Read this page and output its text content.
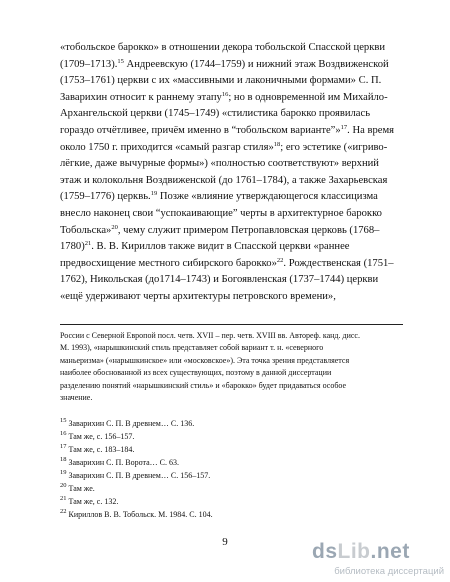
«тобольское барокко» в отношении декора тобольской Спасской церкви

(1709–1713).$^{15}$ Андреевскую (1744–1759) и нижний этаж Воздвиженской

(1753–1761) церкви с их «массивными и лаконичными формами» С. П.

Заварихин относит к раннему этапу$^{16}$; но в одновременной им Михайло-

Архангельской церкви (1745–1749) «стилистика барокко проявилась

гораздо отчётливее, причём именно в “тобольском варианте”»$^{17}$. На время

около 1750 г. приходится «самый разгар стиля»$^{18}$; его эстетике («игриво-

лёгкие, даже вычурные формы») «полностью соответствуют» верхний

этаж и колокольня Воздвиженской (до 1761–1784), а также Захарьевская

(1759–1776) церквь.$^{19}$ Позже «влияние утверждающегося классицизма

внесло наконец свои “успокаивающие” черты в архитектурное барокко

Тобольска»$^{20}$, чему служит примером Петропавловская церковь (1768–

1780)$^{21}$. В. В. Кириллов также видит в Спасской церкви «раннее

предвосхищение местного сибирского барокко»$^{22}$. Рождественская (1751–

1762), Никольская (до1714–1743) и Богоявленская (1737–1744) церкви

«ещё удерживают черты архитектуры петровского времени»,

России с Северной Европой посл. четв. XVII – пер. четв. XVIII вв. Автореф. канд. дисс.

М. 1993), «нарышкинский стиль представляет собой вариант т. н. «северного

маньеризма» («нарышкинское» или «московское»). Эта точка зрения представляется

наиболее обоснованной из всех существующих, поэтому в данной диссертации

разделению понятий «нарышкинский стиль» и «барокко» будет придаваться особое

значение.

$^{15}$ Заварихин С. П. В древнем… С. 136.
$^{16}$ Там же, с. 156–157.
$^{17}$ Там же, с. 183–184.
$^{18}$ Заварихин С. П. Ворота… С. 63.
$^{19}$ Заварихин С. П. В древнем… С. 156–157.
$^{20}$ Там же.
$^{21}$ Там же, с. 132.
$^{22}$ Кириллов В. В. Тобольск. М. 1984. С. 104.
9	dsLib.net
библиотека диссертаций
